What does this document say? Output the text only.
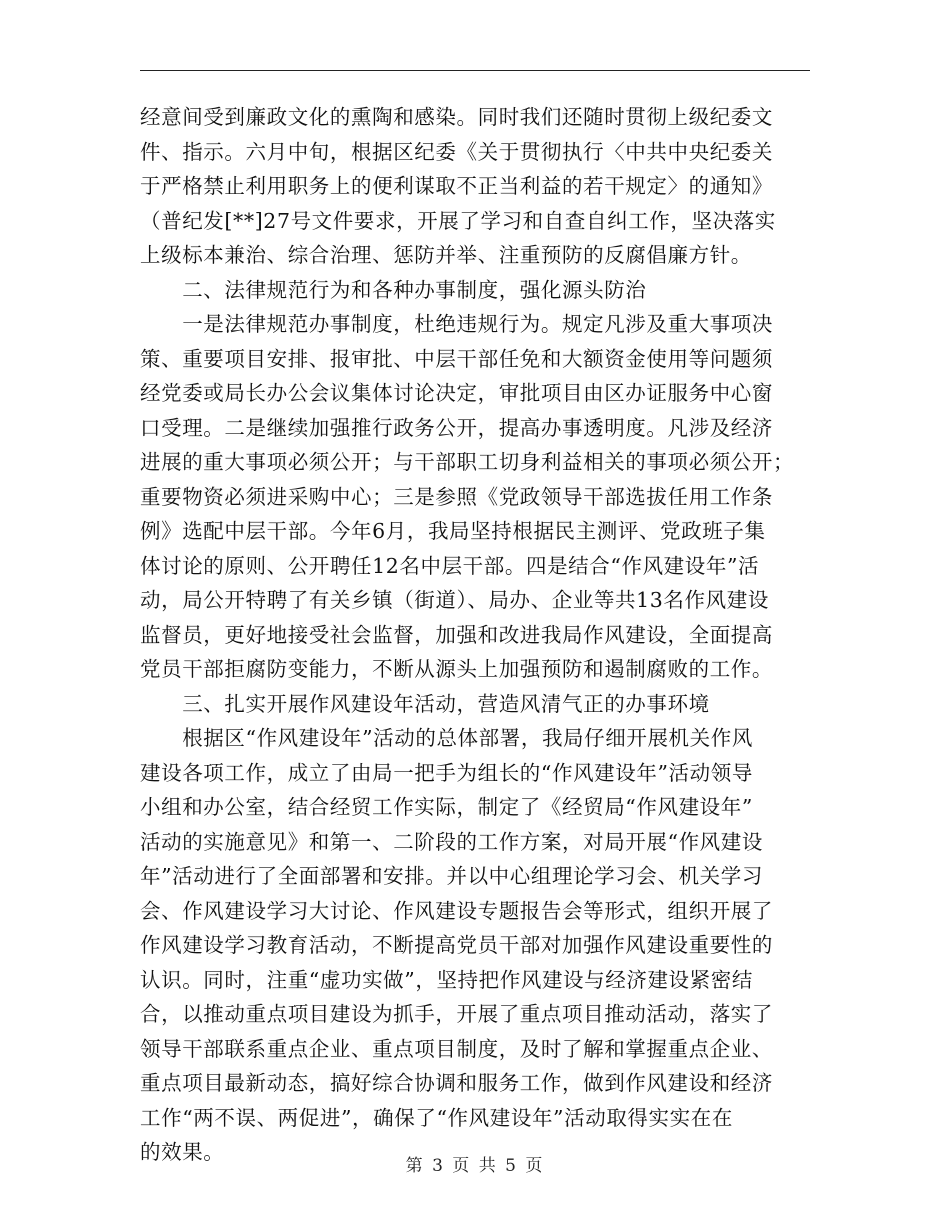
经意间受到廉政文化的熏陶和感染。同时我们还随时贯彻上级纪委文
件、指示。六月中旬，根据区纪委《关于贯彻执行〈中共中央纪委关
于严格禁止利用职务上的便利谋取不正当利益的若干规定〉的通知》
（普纪发[**]27号文件要求，开展了学习和自查自纠工作，坚决落实
上级标本兼治、综合治理、惩防并举、注重预防的反腐倡廉方针。
　　二、法律规范行为和各种办事制度，强化源头防治
　　一是法律规范办事制度，杜绝违规行为。规定凡涉及重大事项决
策、重要项目安排、报审批、中层干部任免和大额资金使用等问题须
经党委或局长办公会议集体讨论决定，审批项目由区办证服务中心窗
口受理。二是继续加强推行政务公开，提高办事透明度。凡涉及经济
进展的重大事项必须公开；与干部职工切身利益相关的事项必须公开；
重要物资必须进采购中心；三是参照《党政领导干部选拔任用工作条
例》选配中层干部。今年6月，我局坚持根据民主测评、党政班子集
体讨论的原则、公开聘任12名中层干部。四是结合“作风建设年”活
动，局公开特聘了有关乡镇（街道）、局办、企业等共13名作风建设
监督员，更好地接受社会监督，加强和改进我局作风建设，全面提高
党员干部拒腐防变能力，不断从源头上加强预防和遏制腐败的工作。
　　三、扎实开展作风建设年活动，营造风清气正的办事环境
　　根据区“作风建设年”活动的总体部署，我局仔细开展机关作风
建设各项工作，成立了由局一把手为组长的“作风建设年”活动领导
小组和办公室，结合经贸工作实际，制定了《经贸局“作风建设年”
活动的实施意见》和第一、二阶段的工作方案，对局开展“作风建设
年”活动进行了全面部署和安排。并以中心组理论学习会、机关学习
会、作风建设学习大讨论、作风建设专题报告会等形式，组织开展了
作风建设学习教育活动，不断提高党员干部对加强作风建设重要性的
认识。同时，注重“虚功实做”，坚持把作风建设与经济建设紧密结
合，以推动重点项目建设为抓手，开展了重点项目推动活动，落实了
领导干部联系重点企业、重点项目制度，及时了解和掌握重点企业、
重点项目最新动态，搞好综合协调和服务工作，做到作风建设和经济
工作“两不误、两促进”，确保了“作风建设年”活动取得实实在在
的效果。
第 3 页 共 5 页
